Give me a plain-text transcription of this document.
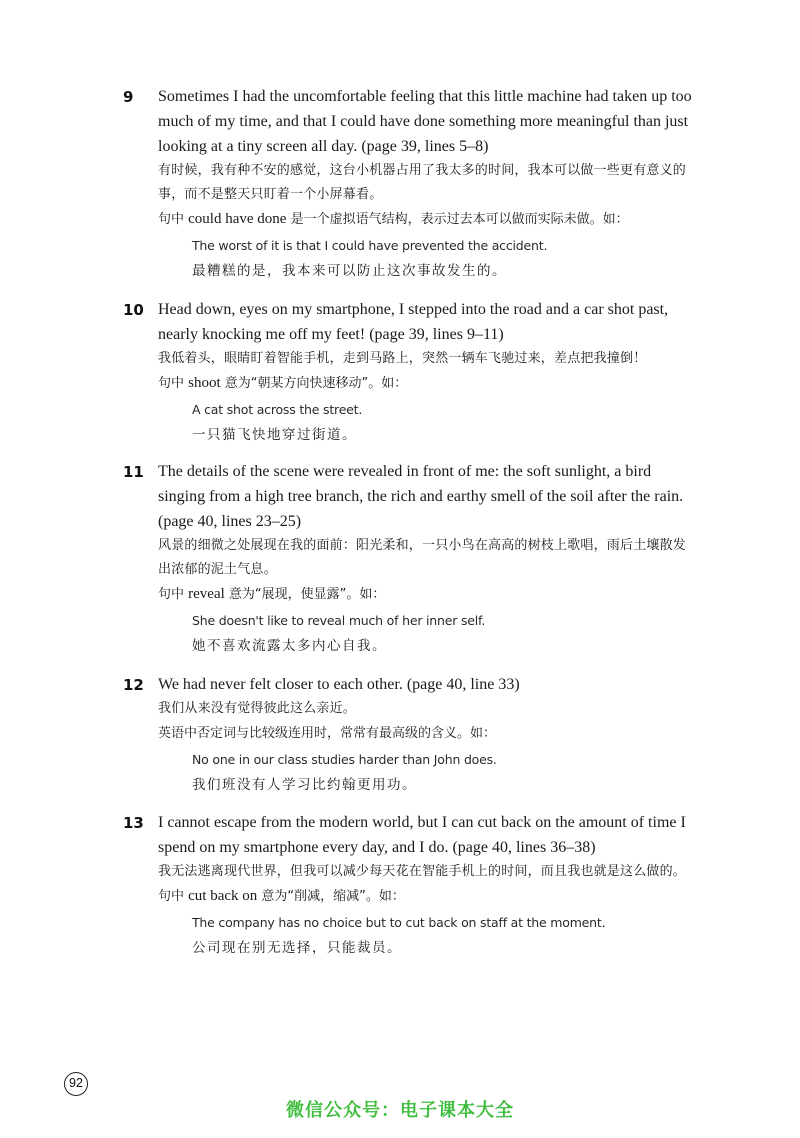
9	Sometimes I had the uncomfortable feeling that this little machine had taken up too much of my time, and that I could have done something more meaningful than just looking at a tiny screen all day. (page 39, lines 5–8)

有时候，我有种不安的感觉，这台小机器占用了我太多的时间，我本可以做一些更有意义的事，而不是整天只盯着一个小屏幕看。

句中 could have done 是一个虚拟语气结构，表示过去本可以做而实际未做。如：

The worst of it is that I could have prevented the accident.

最糟糕的是，我本来可以防止这次事故发生的。

10 Head down, eyes on my smartphone, I stepped into the road and a car shot past, nearly knocking me off my feet! (page 39, lines 9–11)

我低着头，眼睛盯着智能手机，走到马路上，突然一辆车飞驰过来，差点把我撞倒！

句中 shoot 意为“朝某方向快速移动”。如：

A cat shot across the street.

一只猫飞快地穿过街道。

11 The details of the scene were revealed in front of me: the soft sunlight, a bird singing from a high tree branch, the rich and earthy smell of the soil after the rain. (page 40, lines 23–25)

风景的细微之处展现在我的面前：阳光柔和，一只小鸟在高高的树枝上歌唱，雨后土壤散发出浓郁的泥土气息。

句中 reveal 意为“展现，使显露”。如：

She doesn't like to reveal much of her inner self.

她不喜欢流露太多内心自我。

12 We had never felt closer to each other. (page 40, line 33)

我们从来没有觉得彼此这么亲近。

英语中否定词与比较级连用时，常常有最高级的含义。如：

No one in our class studies harder than John does.

我们班没有人学习比约翰更用功。

13 I cannot escape from the modern world, but I can cut back on the amount of time I spend on my smartphone every day, and I do. (page 40, lines 36–38)

我无法逃离现代世界，但我可以减少每天花在智能手机上的时间，而且我也就是这么做的。

句中 cut back on 意为“削减，缩减”。如：

The company has no choice but to cut back on staff at the moment.

公司现在别无选择，只能裁员。

92
微信公众号：电子课本大全
